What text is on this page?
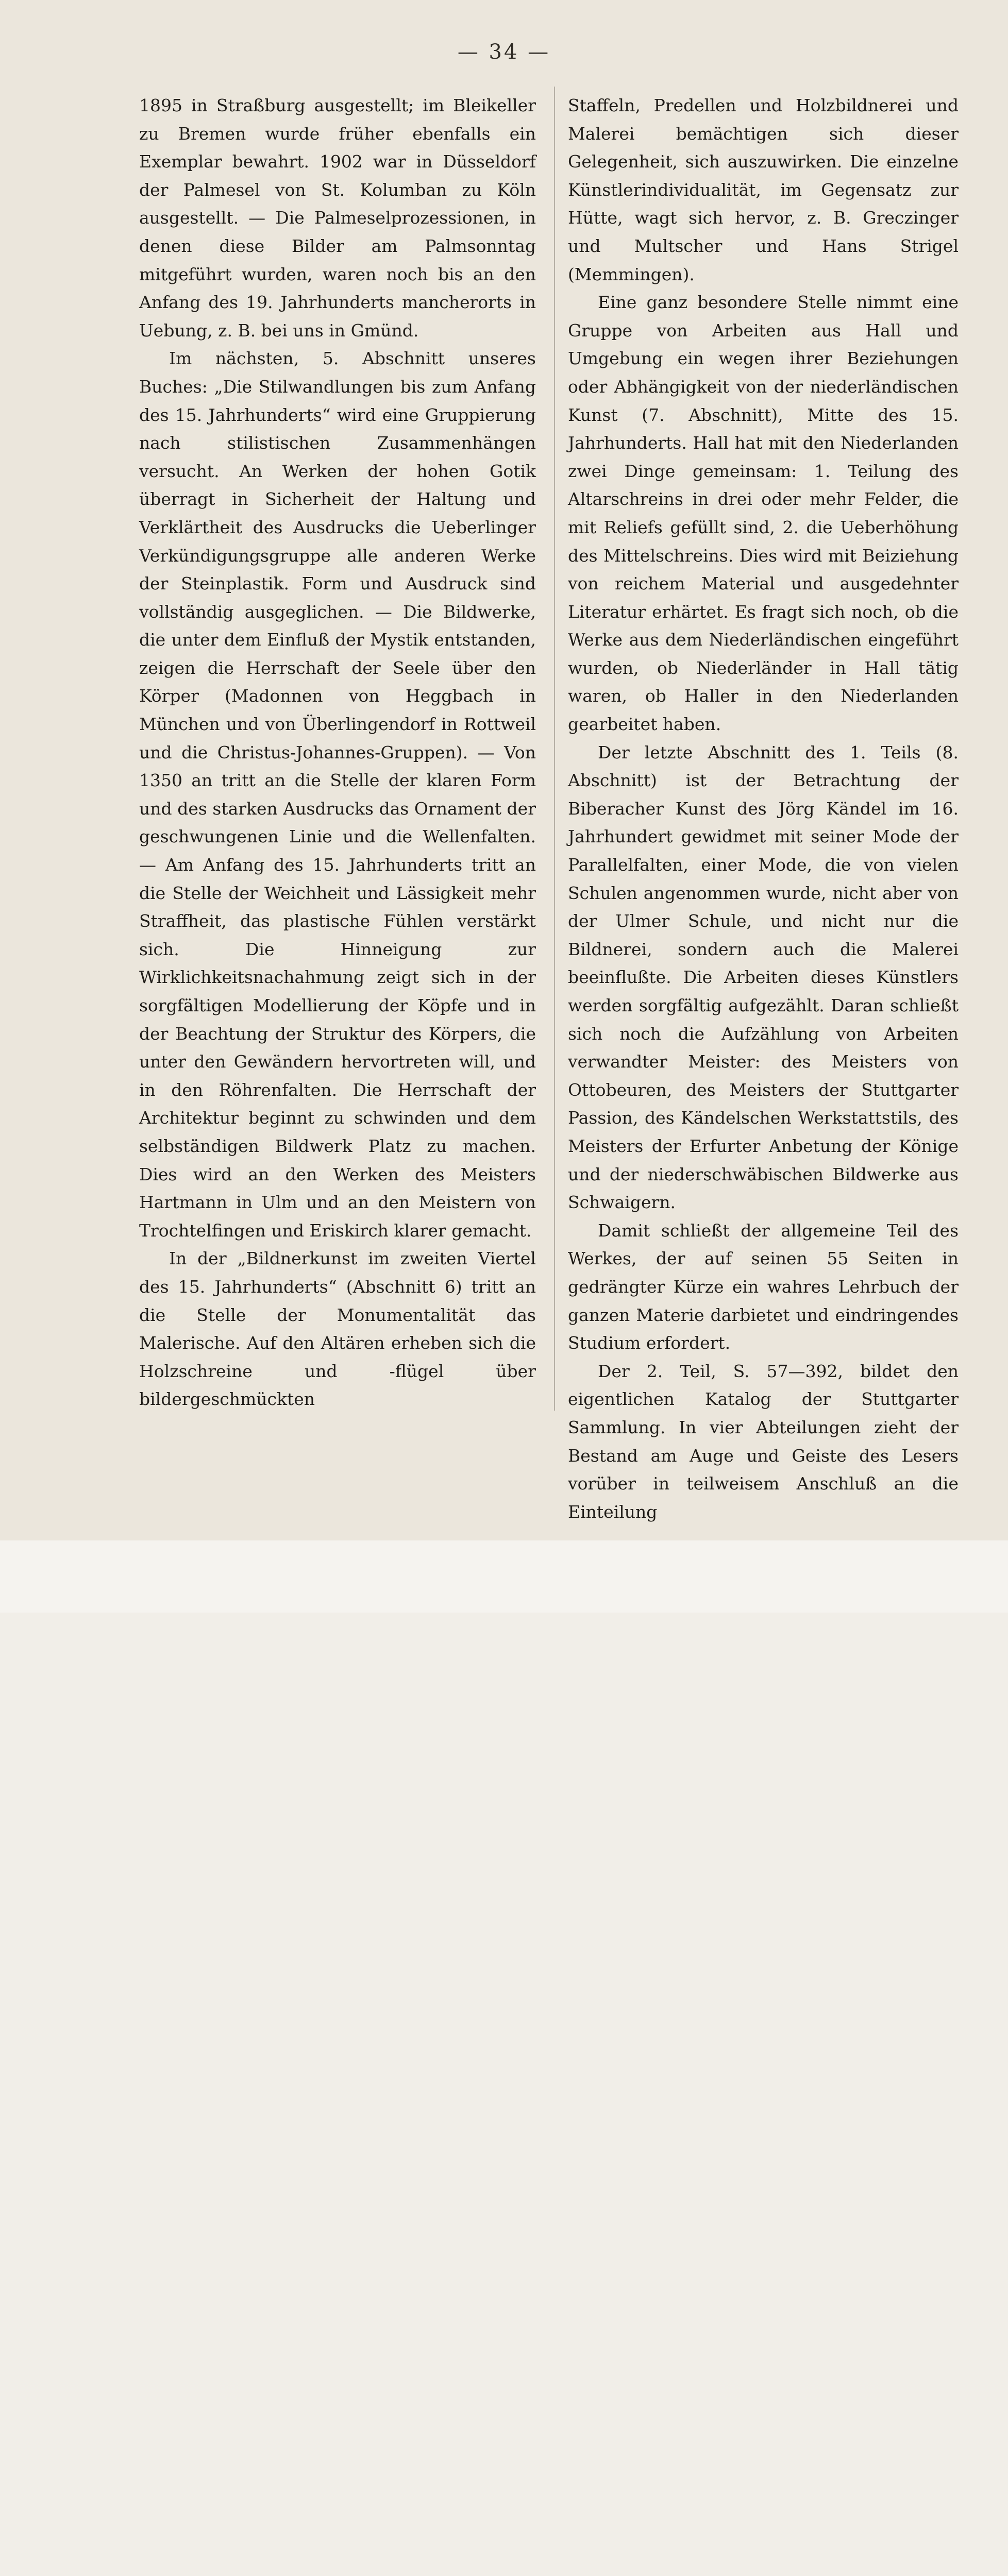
— 34 —

1895 in Straßburg ausgestellt; im Bleikeller zu Bremen wurde früher ebenfalls ein Exemplar bewahrt. 1902 war in Düsseldorf der Palmesel von St. Kolumban zu Köln ausgestellt. — Die Palmeselprozessionen, in denen diese Bilder am Palmsonntag mitgeführt wurden, waren noch bis an den Anfang des 19. Jahrhunderts mancherorts in Uebung, z. B. bei uns in Gmünd.

Im nächsten, 5. Abschnitt unseres Buches: „Die Stilwandlungen bis zum Anfang des 15. Jahrhunderts“ wird eine Gruppierung nach stilistischen Zusammenhängen versucht. An Werken der hohen Gotik überragt in Sicherheit der Haltung und Verklärtheit des Ausdrucks die Ueberlinger Verkündigungsgruppe alle anderen Werke der Steinplastik. Form und Ausdruck sind vollständig ausgeglichen. — Die Bildwerke, die unter dem Einfluß der Mystik entstanden, zeigen die Herrschaft der Seele über den Körper (Madonnen von Heggbach in München und von Überlingendorf in Rottweil und die Christus-Johannes-Gruppen). — Von 1350 an tritt an die Stelle der klaren Form und des starken Ausdrucks das Ornament der geschwungenen Linie und die Wellenfalten. — Am Anfang des 15. Jahrhunderts tritt an die Stelle der Weichheit und Lässigkeit mehr Straffheit, das plastische Fühlen verstärkt sich. Die Hinneigung zur Wirklichkeitsnachahmung zeigt sich in der sorgfältigen Modellierung der Köpfe und in der Beachtung der Struktur des Körpers, die unter den Gewändern hervortreten will, und in den Röhrenfalten. Die Herrschaft der Architektur beginnt zu schwinden und dem selbständigen Bildwerk Platz zu machen. Dies wird an den Werken des Meisters Hartmann in Ulm und an den Meistern von Trochtelfingen und Eriskirch klarer gemacht.

In der „Bildnerkunst im zweiten Viertel des 15. Jahrhunderts“ (Abschnitt 6) tritt an die Stelle der Monumentalität das Malerische. Auf den Altären erheben sich die Holzschreine und -flügel über bildergeschmückten

Staffeln, Predellen und Holzbildnerei und Malerei bemächtigen sich dieser Gelegenheit, sich auszuwirken. Die einzelne Künstlerindividualität, im Gegensatz zur Hütte, wagt sich hervor, z. B. Greczinger und Multscher und Hans Strigel (Memmingen).

Eine ganz besondere Stelle nimmt eine Gruppe von Arbeiten aus Hall und Umgebung ein wegen ihrer Beziehungen oder Abhängigkeit von der niederländischen Kunst (7. Abschnitt), Mitte des 15. Jahrhunderts. Hall hat mit den Niederlanden zwei Dinge gemeinsam: 1. Teilung des Altarschreins in drei oder mehr Felder, die mit Reliefs gefüllt sind, 2. die Ueberhöhung des Mittelschreins. Dies wird mit Beiziehung von reichem Material und ausgedehnter Literatur erhärtet. Es fragt sich noch, ob die Werke aus dem Niederländischen eingeführt wurden, ob Niederländer in Hall tätig waren, ob Haller in den Niederlanden gearbeitet haben.

Der letzte Abschnitt des 1. Teils (8. Abschnitt) ist der Betrachtung der Biberacher Kunst des Jörg Kändel im 16. Jahrhundert gewidmet mit seiner Mode der Parallelfalten, einer Mode, die von vielen Schulen angenommen wurde, nicht aber von der Ulmer Schule, und nicht nur die Bildnerei, sondern auch die Malerei beeinflußte. Die Arbeiten dieses Künstlers werden sorgfältig aufgezählt. Daran schließt sich noch die Aufzählung von Arbeiten verwandter Meister: des Meisters von Ottobeuren, des Meisters der Stuttgarter Passion, des Kändelschen Werkstattstils, des Meisters der Erfurter Anbetung der Könige und der niederschwäbischen Bildwerke aus Schwaigern.

Damit schließt der allgemeine Teil des Werkes, der auf seinen 55 Seiten in gedrängter Kürze ein wahres Lehrbuch der ganzen Materie darbietet und eindringendes Studium erfordert.

Der 2. Teil, S. 57—392, bildet den eigentlichen Katalog der Stuttgarter Sammlung. In vier Abteilungen zieht der Bestand am Auge und Geiste des Lesers vorüber in teilweisem Anschluß an die Einteilung
